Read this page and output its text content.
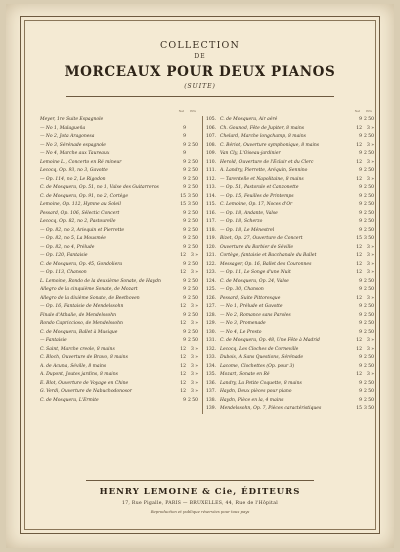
COLLECTION
DE
MORCEAUX POUR DEUX PIANOS
(SUITE)
Net Prix	Net Prix
Meyer, 1re Suite Espagnole
— No 1, Malagueña	9
— No 2, Jota Aragonesa	9
— No 3, Sérénade espagnole	9 2 50
— No 4, Marche aux Taureaux	9
Lemoine L., Concerto en Ré mineur	9 2 50
Lecocq, Op. 93, no 3, Gavotte	9 2 50
— Op. 114, no 2, Le Rigodon	9 2 50
C. de Mosquera, Op. 51, no 1, Valse des Guitarreros	9 2 50
C. de Mosquera, Op. 91, no 2, Cortège	15 3 50
Lemoine, Op. 112, Hymne au Soleil	15 3 50
Pessard, Op. 106, Sélectic Concert	9 2 50
Lecocq, Op. 82, no 2, Pastourelle	9 2 50
— Op. 82, no 3, Ariequin et Pierrette	9 2 50
— Op. 82, no 5, La Mousmée	9 2 50
— Op. 82, no 4, Prélude	9 2 50
— Op. 120, Fantaisie	12	3 »
C. de Mosquera, Op. 45, Gondoliera	9 2 50
— Op. 113, Chanson	12	3 »
L. Lemoine, Rondo de la deuxième Sonate, de Haydn	9 2 50
Allegro de la cinquième Sonate, de Mozart	9 2 50
Allegro de la dixième Sonate, de Beethoven	9 2 50
— Op. 16, Fantaisie de Mendelssohn	12	3 »
Finale d'Athalie, de Mendelssohn	9 2 50
Rondo Capriccioso, de Mendelssohn	12	3 »
C. de Mosquera, Ballet à Musique	9 2 50
— Fantaisie	9 2 50
C. Saint, Marche creole, 8 mains	12	3 »
C. Bloch, Ouverture de Bravo, 8 mains	12	3 »
A. de Acuna, Séville, 8 mains	12	3 »
A. Dupont, Joutes jardins, 8 mains	12	3 »
E. Blot, Ouverture de Voyage en Chine	12	3 »
G. Verdi, Ouverture de Nabuchodonosor	12	3 »
C. de Mosquera, L'Ermite	9 2 50
105. C. de Mosquera, Air aéré	9 2 50
106. Ch. Gounod, Fête de Jupiter, 8 mains	12	3 »
107. Chelard, Marche longchamp, 8 mains	9 2 50
108. C. Bériot, Ouverture symphonique, 8 mains	12	3 »
109. Van Cly, L'Oiseau-jardinier	9 2 50
110. Herold, Ouverture de l'Éclair et du Clerc	12	3 »
111. A. Landry, Pierrette, Aréquin, Sennino	9 2 50
112. — Tarentelle et Napolitaine, 8 mains	12	3 »
113. — Op. 51, Pastorale et Canzonette	9 2 50
114. — Op. 15, Feuilles de Printemps	9 2 50
115. C. Lemoine, Op. 17, Noces d'Or	9 2 50
116. — Op. 18, Andante, Valse	9 2 50
117. — Op. 18, Scherzo	9 2 50
118. — Op. 18, Le Ménestrel	9 2 50
119. Bizet, Op. 27, Ouverture de Concert	15 3 50
120. Ouverture du Barbier de Séville	12	3 »
121. Cortège, fantaisie et Bacchanale du Ballet	12	3 »
122. Messager, Op. 16, Ballet des Couronnes	12	3 »
123. — Op. 11, Le Songe d'une Nuit	12	3 »
124. C. de Mosquera, Op. 24, Valse	9 2 50
125. — Op. 30, Chanson	9 2 50
126. Pessard, Suite Pittoresque	12	3 »
127. — No 1, Prélude et Gavotte	9 2 50
128. — No 2, Romance sans Paroles	9 2 50
129. — No 3, Promenade	9 2 50
130. — No 4, Le Presto	9 2 50
131. C. de Mosquera, Op. 48, Une Fête à Madrid	12	3 »
132. Lecocq, Les Cloches de Corneville	12	3 »
133. Dubois, A Sans Questions, Sérénade	9 2 50
134. Lacome, Clochettes (Op. pour 3)	9 2 50
135. Mozart, Sonate en Ré	12	3 »
136. Landry, La Petite Coquette, 8 mains	9 2 50
137. Haydn, Deux pièces pour piano	9 2 50
138. Haydn, Pièce en la, 4 mains	9 2 50
139. Mendelssohn, Op. 7, Pièces caractéristiques	15 3 50
HENRY LEMOINE & Cie, ÉDITEURS
17, Rue Pigalle, PARIS — BRUXELLES, 44, Rue de l'Hôpital
Reproduction et publique réservées pour tous pays
